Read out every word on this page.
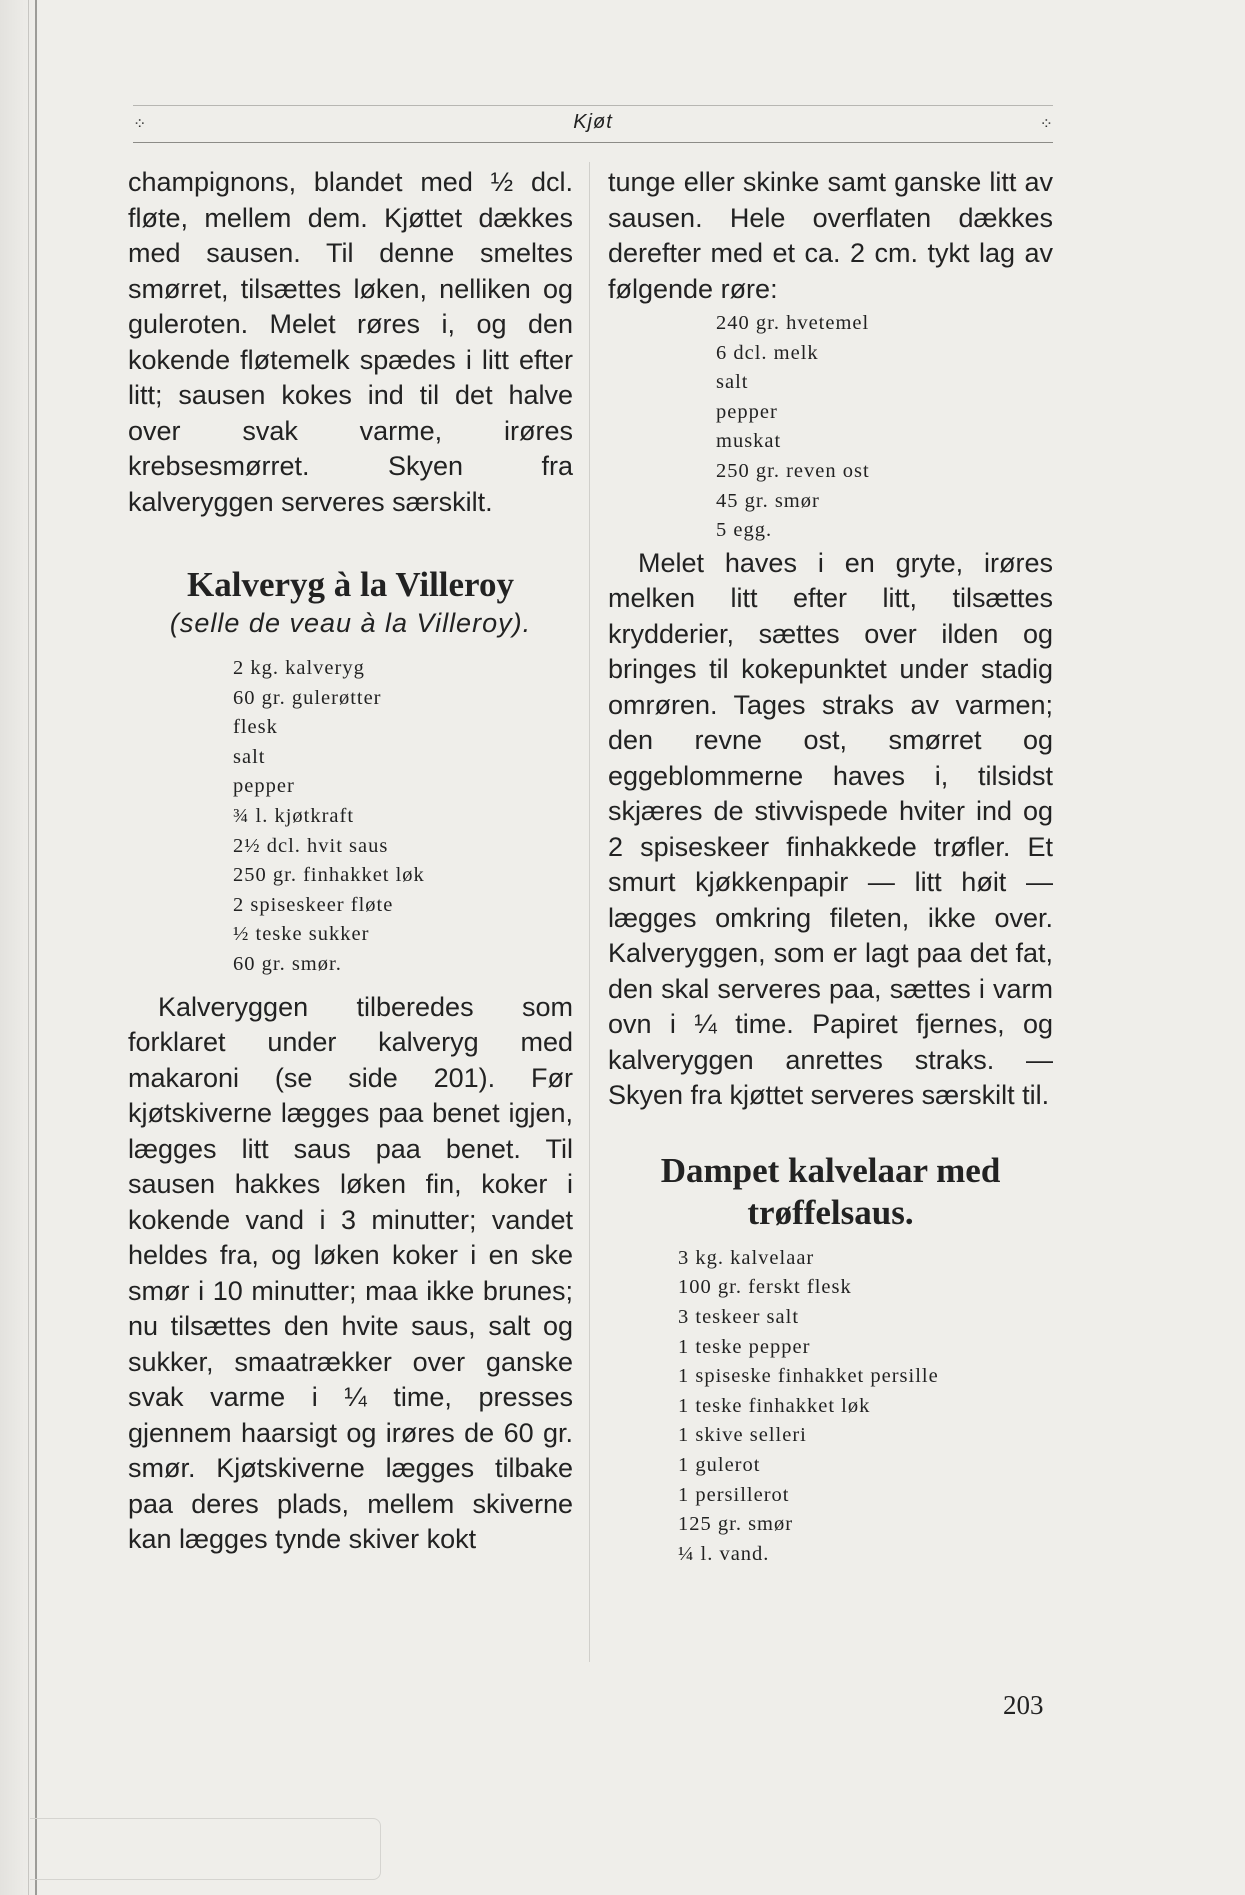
⁘	Kjøt	⁘

champignons, blandet med ½ dcl. fløte, mellem dem. Kjøttet dækkes med sausen. Til denne smeltes smørret, tilsættes løken, nelliken og guleroten. Melet røres i, og den kokende fløtemelk spædes i litt efter litt; sausen kokes ind til det halve over svak varme, irøres krebsesmørret. Skyen fra kalveryggen serveres særskilt.

Kalveryg à la Villeroy

(selle de veau à la Villeroy).

2 kg. kalveryg
60 gr. gulerøtter
flesk
salt
pepper
¾ l. kjøtkraft
2½ dcl. hvit saus
250 gr. finhakket løk
2 spiseskeer fløte
½ teske sukker
60 gr. smør.

Kalveryggen tilberedes som forklaret under kalveryg med makaroni (se side 201). Før kjøtskiverne lægges paa benet igjen, lægges litt saus paa benet. Til sausen hakkes løken fin, koker i kokende vand i 3 minutter; vandet heldes fra, og løken koker i en ske smør i 10 minutter; maa ikke brunes; nu tilsættes den hvite saus, salt og sukker, smaatrækker over ganske svak varme i ¼ time, presses gjennem haarsigt og irøres de 60 gr. smør. Kjøtskiverne lægges tilbake paa deres plads, mellem skiverne kan lægges tynde skiver kokt

tunge eller skinke samt ganske litt av sausen. Hele overflaten dækkes derefter med et ca. 2 cm. tykt lag av følgende røre:

240 gr. hvetemel
6 dcl. melk
salt
pepper
muskat
250 gr. reven ost
45 gr. smør
5 egg.

Melet haves i en gryte, irøres melken litt efter litt, tilsættes krydderier, sættes over ilden og bringes til kokepunktet under stadig omrøren. Tages straks av varmen; den revne ost, smørret og eggeblommerne haves i, tilsidst skjæres de stivvispede hviter ind og 2 spiseskeer finhakkede trøfler. Et smurt kjøkkenpapir — litt høit — lægges omkring fileten, ikke over. Kalveryggen, som er lagt paa det fat, den skal serveres paa, sættes i varm ovn i ¼ time. Papiret fjernes, og kalveryggen anrettes straks. — Skyen fra kjøttet serveres særskilt til.

Dampet kalvelaar med trøffelsaus.
3 kg. kalvelaar
100 gr. ferskt flesk
3 teskeer salt
1 teske pepper
1 spiseske finhakket persille
1 teske finhakket løk
1 skive selleri
1 gulerot
1 persillerot
125 gr. smør
¼ l. vand.
203
